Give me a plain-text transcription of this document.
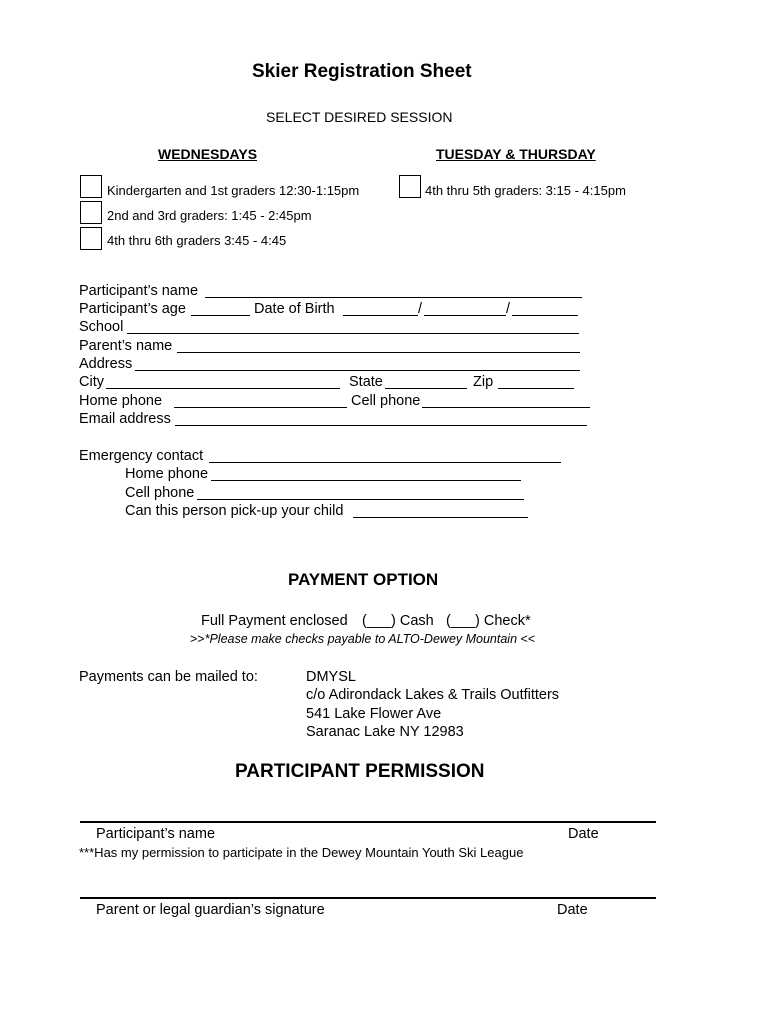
Skier Registration Sheet
SELECT DESIRED SESSION
WEDNESDAYS	TUESDAY & THURSDAY
Kindergarten and 1st graders 12:30-1:15pm
2nd and 3rd graders: 1:45 - 2:45pm
4th thru 6th graders 3:45 - 4:45
4th thru 5th graders: 3:15 - 4:15pm
Participant’s name
Participant’s age	Date of Birth	/	/
School
Parent’s name
Address
City	State	Zip
Home phone	Cell phone
Email address
Emergency contact
Home phone
Cell phone
Can this person pick-up your child
PAYMENT OPTION
Full Payment enclosed (___) Cash (___) Check*
>>*Please make checks payable to ALTO-Dewey Mountain <<
Payments can be mailed to:	DMYSL
c/o Adirondack Lakes & Trails Outfitters
541 Lake Flower Ave
Saranac Lake NY 12983
PARTICIPANT PERMISSION
Participant’s name	Date
***Has my permission to participate in the Dewey Mountain Youth Ski League
Parent or legal guardian’s signature	Date
